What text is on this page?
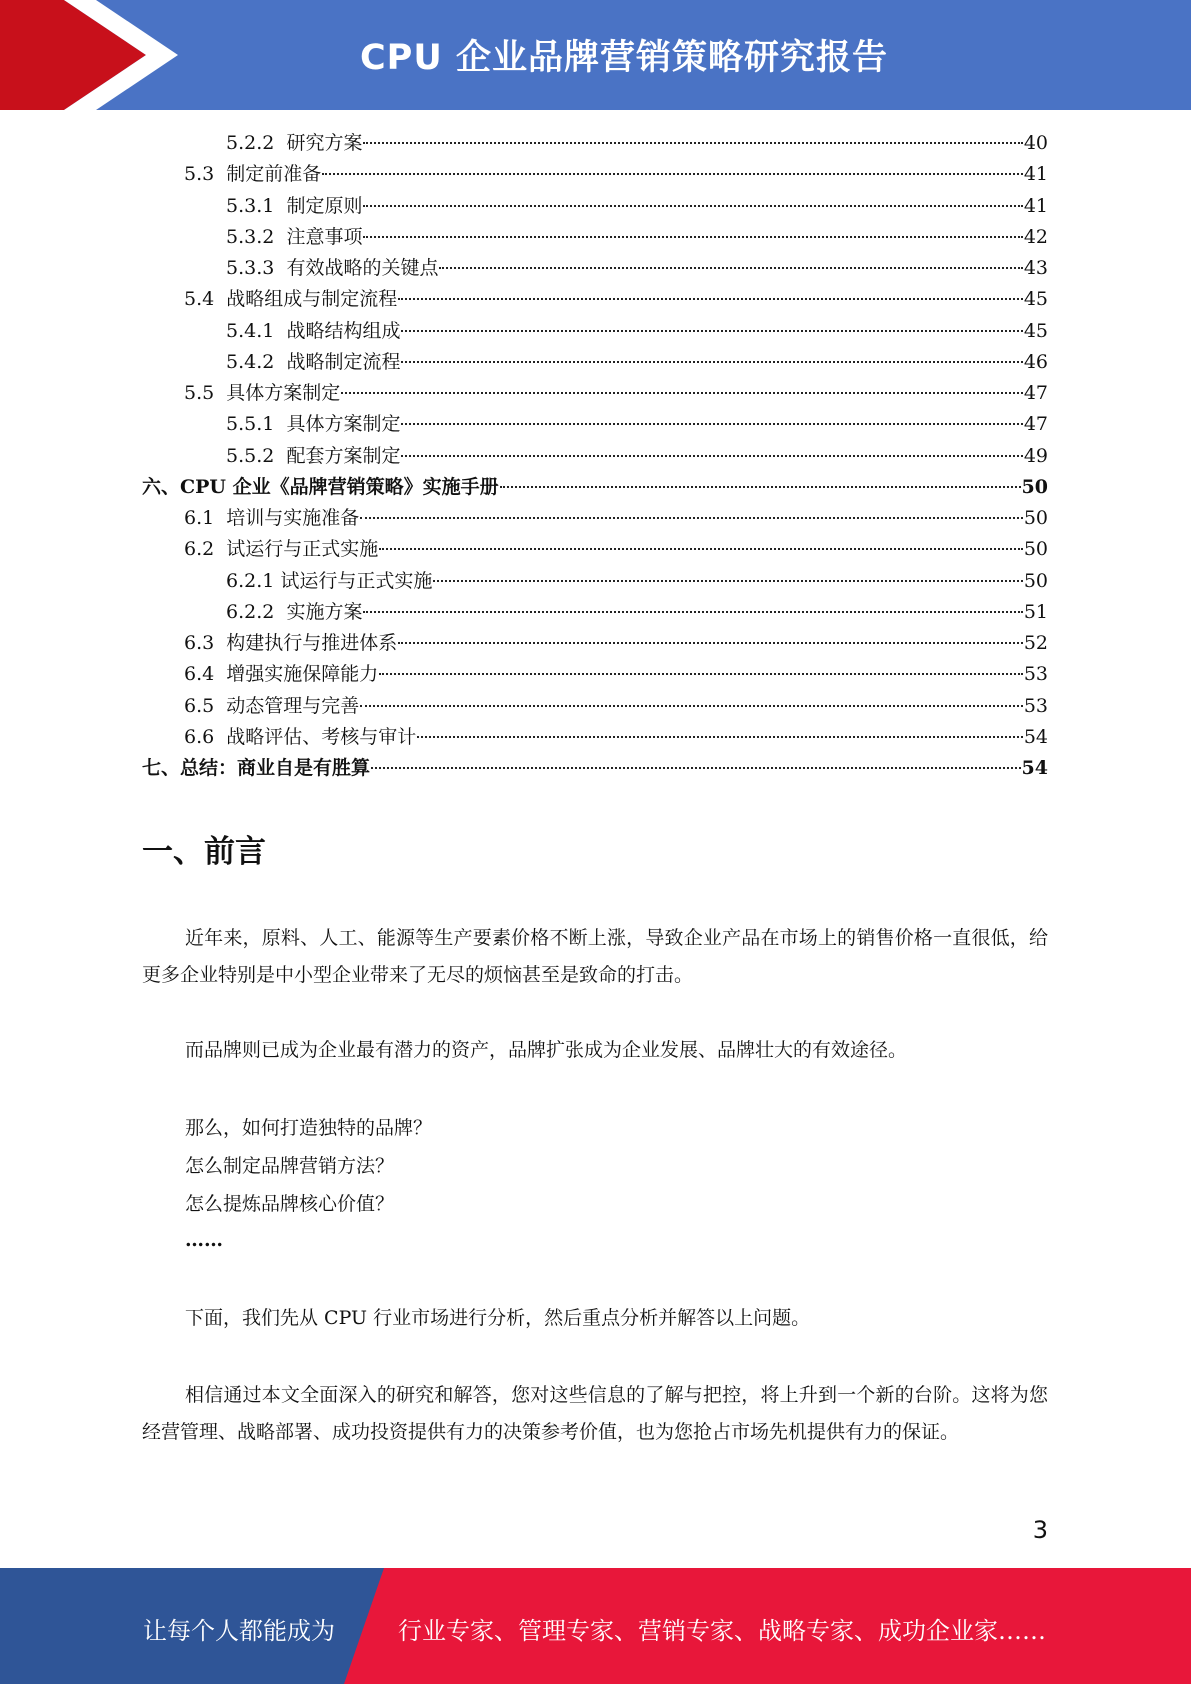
CPU 企业品牌营销策略研究报告
5.2.2 研究方案	40
5.3 制定前准备	41
5.3.1 制定原则	41
5.3.2 注意事项	42
5.3.3 有效战略的关键点	43
5.4 战略组成与制定流程	45
5.4.1 战略结构组成	45
5.4.2 战略制定流程	46
5.5 具体方案制定	47
5.5.1 具体方案制定	47
5.5.2 配套方案制定	49
六、 CPU 企业《品牌营销策略》实施手册	50
6.1 培训与实施准备	50
6.2 试运行与正式实施	50
6.2.1 试运行与正式实施	50
6.2.2 实施方案	51
6.3 构建执行与推进体系	52
6.4 增强实施保障能力	53
6.5 动态管理与完善	53
6.6 战略评估、考核与审计	54
七、 总结：商业自是有胜算	54
一、前言
近年来，原料、人工、能源等生产要素价格不断上涨，导致企业产品在市场上的销售价格一直很低，给更多企业特别是中小型企业带来了无尽的烦恼甚至是致命的打击。
而品牌则已成为企业最有潜力的资产，品牌扩张成为企业发展、品牌壮大的有效途径。
那么，如何打造独特的品牌？
怎么制定品牌营销方法？
怎么提炼品牌核心价值？
……
下面，我们先从 CPU 行业市场进行分析，然后重点分析并解答以上问题。
相信通过本文全面深入的研究和解答，您对这些信息的了解与把控，将上升到一个新的台阶。这将为您经营管理、战略部署、成功投资提供有力的决策参考价值，也为您抢占市场先机提供有力的保证。
3
让每个人都能成为	行业专家、管理专家、营销专家、战略专家、成功企业家……
